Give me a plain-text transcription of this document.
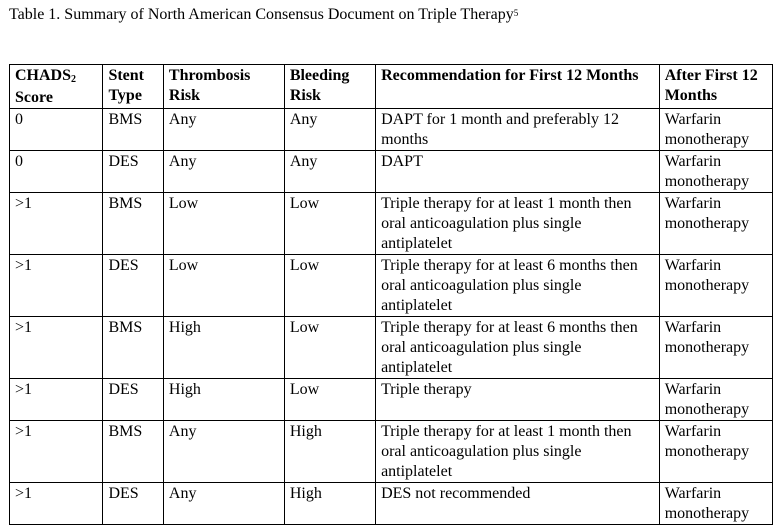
Table 1. Summary of North American Consensus Document on Triple Therapy$^5$
$CHADS_2$ Score	Stent Type	Thrombosis Risk	Bleeding Risk	Recommendation for First 12 Months	After First 12 Months
0	BMS	Any	Any	DAPT for 1 month and preferably 12 months	Warfarin monotherapy
0	DES	Any	Any	DAPT	Warfarin monotherapy
>1	BMS	Low	Low	Triple therapy for at least 1 month then oral anticoagulation plus single antiplatelet	Warfarin monotherapy
>1	DES	Low	Low	Triple therapy for at least 6 months then oral anticoagulation plus single antiplatelet	Warfarin monotherapy
>1	BMS	High	Low	Triple therapy for at least 6 months then oral anticoagulation plus single antiplatelet	Warfarin monotherapy
>1	DES	High	Low	Triple therapy	Warfarin monotherapy
>1	BMS	Any	High	Triple therapy for at least 1 month then oral anticoagulation plus single antiplatelet	Warfarin monotherapy
>1	DES	Any	High	DES not recommended	Warfarin monotherapy
